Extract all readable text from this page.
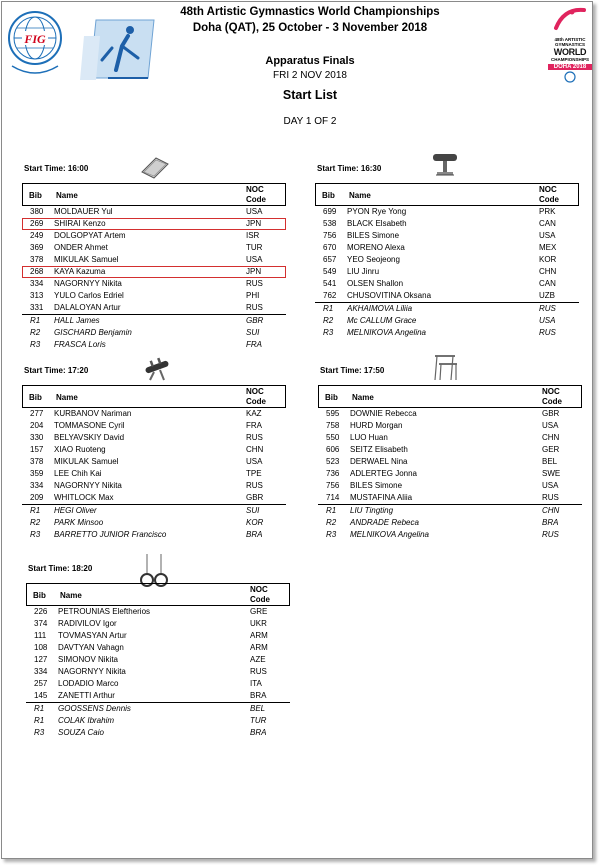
FIG	48th ARTISTIC GYMNASTICS
WORLD
CHAMPIONSHIPS
DOHA 2018
48th Artistic Gymnastics World Championships
Doha (QAT), 25 October - 3 November 2018
Apparatus Finals
FRI 2 NOV 2018
Start List
DAY 1 OF 2
Start Time: 16:00
Bib Name
NOC Code
380 MOLDAUER Yul	USA
269 SHIRAI Kenzo	JPN
249 DOLGOPYAT Artem	ISR
369 ONDER Ahmet	TUR
378 MIKULAK Samuel	USA
268 KAYA Kazuma	JPN
334 NAGORNYY Nikita	RUS
313 YULO Carlos Edriel	PHI
331 DALALOYAN Artur	RUS
R1 HALL James	GBR
R2 GISCHARD Benjamin	SUI
R3 FRASCA Loris	FRA
Start Time: 16:30
Bib Name
NOC Code
699 PYON Rye Yong	PRK
538 BLACK Elsabeth	CAN
756 BILES Simone	USA
670 MORENO Alexa	MEX
657 YEO Seojeong	KOR
549 LIU Jinru	CHN
541 OLSEN Shallon	CAN
762 CHUSOVITINA Oksana	UZB
R1 AKHAIMOVA Liliia	RUS
R2 Mc CALLUM Grace	USA
R3 MELNIKOVA Angelina	RUS
Start Time: 17:20
Bib Name
NOC Code
277 KURBANOV Nariman	KAZ
204 TOMMASONE Cyril	FRA
330 BELYAVSKIY David	RUS
157 XIAO Ruoteng	CHN
378 MIKULAK Samuel	USA
359 LEE Chih Kai	TPE
334 NAGORNYY Nikita	RUS
209 WHITLOCK Max	GBR
R1 HEGI Oliver	SUI
R2 PARK Minsoo	KOR
R3 BARRETTO JUNIOR Francisco	BRA
Start Time: 17:50
Bib Name
NOC Code
595 DOWNIE Rebecca	GBR
758 HURD Morgan	USA
550 LUO Huan	CHN
606 SEITZ Elisabeth	GER
523 DERWAEL Nina	BEL
736 ADLERTEG Jonna	SWE
756 BILES Simone	USA
714 MUSTAFINA Aliia	RUS
R1 LIU Tingting	CHN
R2 ANDRADE Rebeca	BRA
R3 MELNIKOVA Angelina	RUS
Start Time: 18:20
Bib Name
NOC Code
226 PETROUNIAS Eleftherios	GRE
374 RADIVILOV Igor	UKR
111 TOVMASYAN Artur	ARM
108 DAVTYAN Vahagn	ARM
127 SIMONOV Nikita	AZE
334 NAGORNYY Nikita	RUS
257 LODADIO Marco	ITA
145 ZANETTI Arthur	BRA
R1 GOOSSENS Dennis	BEL
R1 COLAK Ibrahim	TUR
R3 SOUZA Caio	BRA
